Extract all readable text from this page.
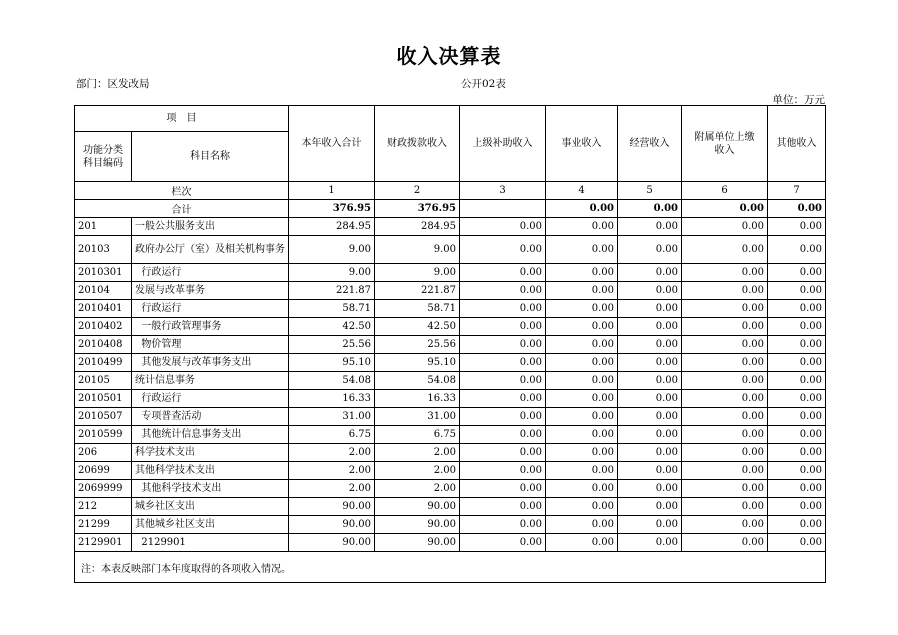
收入决算表
部门：区发改局	公开02表
单位：万元
项　目		本年收入合计	财政拨款收入	上级补助收入	事业收入	经营收入	附属单位上缴收入	其他收入
功能分类科目编码	科目名称							
栏次		1	2	3	4	5	6	7
合计		376.95	376.95		0.00	0.00	0.00	0.00
201	一般公共服务支出	284.95	284.95	0.00	0.00	0.00	0.00	0.00
20103	政府办公厅（室）及相关机构事务	9.00	9.00	0.00	0.00	0.00	0.00	0.00
2010301	行政运行	9.00	9.00	0.00	0.00	0.00	0.00	0.00
20104	发展与改革事务	221.87	221.87	0.00	0.00	0.00	0.00	0.00
2010401	行政运行	58.71	58.71	0.00	0.00	0.00	0.00	0.00
2010402	一般行政管理事务	42.50	42.50	0.00	0.00	0.00	0.00	0.00
2010408	物价管理	25.56	25.56	0.00	0.00	0.00	0.00	0.00
2010499	其他发展与改革事务支出	95.10	95.10	0.00	0.00	0.00	0.00	0.00
20105	统计信息事务	54.08	54.08	0.00	0.00	0.00	0.00	0.00
2010501	行政运行	16.33	16.33	0.00	0.00	0.00	0.00	0.00
2010507	专项普查活动	31.00	31.00	0.00	0.00	0.00	0.00	0.00
2010599	其他统计信息事务支出	6.75	6.75	0.00	0.00	0.00	0.00	0.00
206	科学技术支出	2.00	2.00	0.00	0.00	0.00	0.00	0.00
20699	其他科学技术支出	2.00	2.00	0.00	0.00	0.00	0.00	0.00
2069999	其他科学技术支出	2.00	2.00	0.00	0.00	0.00	0.00	0.00
212	城乡社区支出	90.00	90.00	0.00	0.00	0.00	0.00	0.00
21299	其他城乡社区支出	90.00	90.00	0.00	0.00	0.00	0.00	0.00
2129901	2129901	90.00	90.00	0.00	0.00	0.00	0.00	0.00
注：本表反映部门本年度取得的各项收入情况。								
